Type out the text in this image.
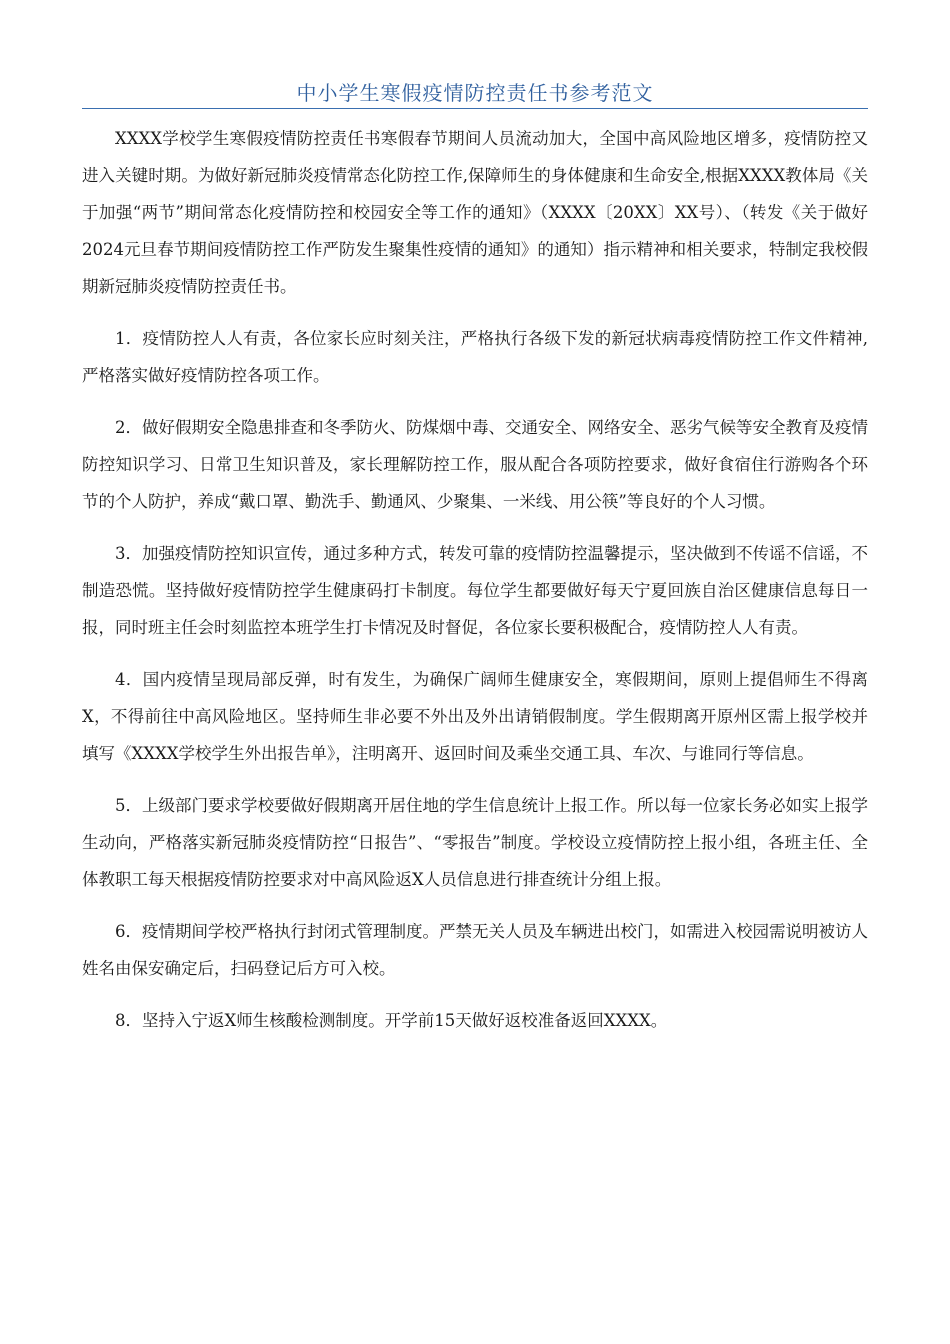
中小学生寒假疫情防控责任书参考范文

XXXX学校学生寒假疫情防控责任书寒假春节期间人员流动加大，全国中高风险地区增多，疫情防控又进入关键时期。为做好新冠肺炎疫情常态化防控工作,保障师生的身体健康和生命安全,根据XXXX教体局《关于加强“两节”期间常态化疫情防控和校园安全等工作的通知》（XXXX〔20XX〕XX号）、（转发《关于做好2024元旦春节期间疫情防控工作严防发生聚集性疫情的通知》的通知）指示精神和相关要求，特制定我校假期新冠肺炎疫情防控责任书。

1．疫情防控人人有责，各位家长应时刻关注，严格执行各级下发的新冠状病毒疫情防控工作文件精神,严格落实做好疫情防控各项工作。

2．做好假期安全隐患排查和冬季防火、防煤烟中毒、交通安全、网络安全、恶劣气候等安全教育及疫情防控知识学习、日常卫生知识普及，家长理解防控工作，服从配合各项防控要求，做好食宿住行游购各个环节的个人防护，养成“戴口罩、勤洗手、勤通风、少聚集、一米线、用公筷”等良好的个人习惯。

3．加强疫情防控知识宣传，通过多种方式，转发可靠的疫情防控温馨提示，坚决做到不传谣不信谣，不制造恐慌。坚持做好疫情防控学生健康码打卡制度。每位学生都要做好每天宁夏回族自治区健康信息每日一报，同时班主任会时刻监控本班学生打卡情况及时督促，各位家长要积极配合，疫情防控人人有责。

4．国内疫情呈现局部反弹，时有发生，为确保广阔师生健康安全，寒假期间，原则上提倡师生不得离X，不得前往中高风险地区。坚持师生非必要不外出及外出请销假制度。学生假期离开原州区需上报学校并填写《XXXX学校学生外出报告单》，注明离开、返回时间及乘坐交通工具、车次、与谁同行等信息。

5．上级部门要求学校要做好假期离开居住地的学生信息统计上报工作。所以每一位家长务必如实上报学生动向，严格落实新冠肺炎疫情防控“日报告”、“零报告”制度。学校设立疫情防控上报小组，各班主任、全体教职工每天根据疫情防控要求对中高风险返X人员信息进行排查统计分组上报。

6．疫情期间学校严格执行封闭式管理制度。严禁无关人员及车辆进出校门，如需进入校园需说明被访人姓名由保安确定后，扫码登记后方可入校。

8．坚持入宁返X师生核酸检测制度。开学前15天做好返校准备返回XXXX。
